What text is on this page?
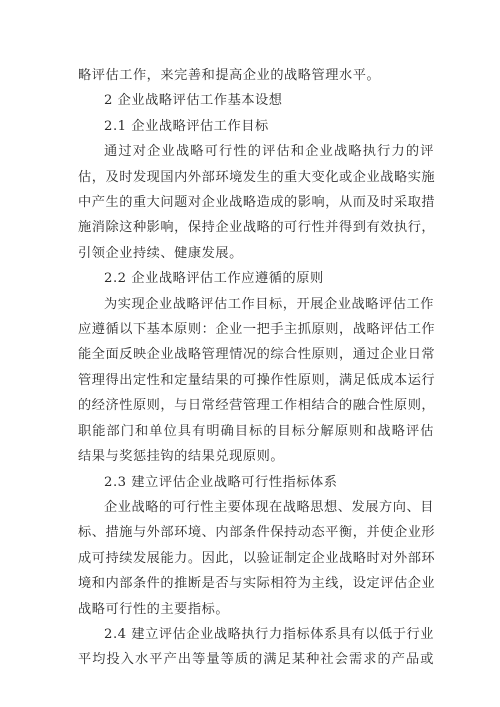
略评估工作，来完善和提高企业的战略管理水平。
2 企业战略评估工作基本设想
2.1 企业战略评估工作目标
通过对企业战略可行性的评估和企业战略执行力的评
估，及时发现国内外部环境发生的重大变化或企业战略实施
中产生的重大问题对企业战略造成的影响，从而及时采取措
施消除这种影响，保持企业战略的可行性并得到有效执行，
引领企业持续、健康发展。
2.2 企业战略评估工作应遵循的原则
为实现企业战略评估工作目标，开展企业战略评估工作
应遵循以下基本原则：企业一把手主抓原则，战略评估工作
能全面反映企业战略管理情况的综合性原则，通过企业日常
管理得出定性和定量结果的可操作性原则，满足低成本运行
的经济性原则，与日常经营管理工作相结合的融合性原则，
职能部门和单位具有明确目标的目标分解原则和战略评估
结果与奖惩挂钩的结果兑现原则。
2.3 建立评估企业战略可行性指标体系
企业战略的可行性主要体现在战略思想、发展方向、目
标、措施与外部环境、内部条件保持动态平衡，并使企业形
成可持续发展能力。因此，以验证制定企业战略时对外部环
境和内部条件的推断是否与实际相符为主线，设定评估企业
战略可行性的主要指标。
2.4 建立评估企业战略执行力指标体系具有以低于行业
平均投入水平产出等量等质的满足某种社会需求的产品或
